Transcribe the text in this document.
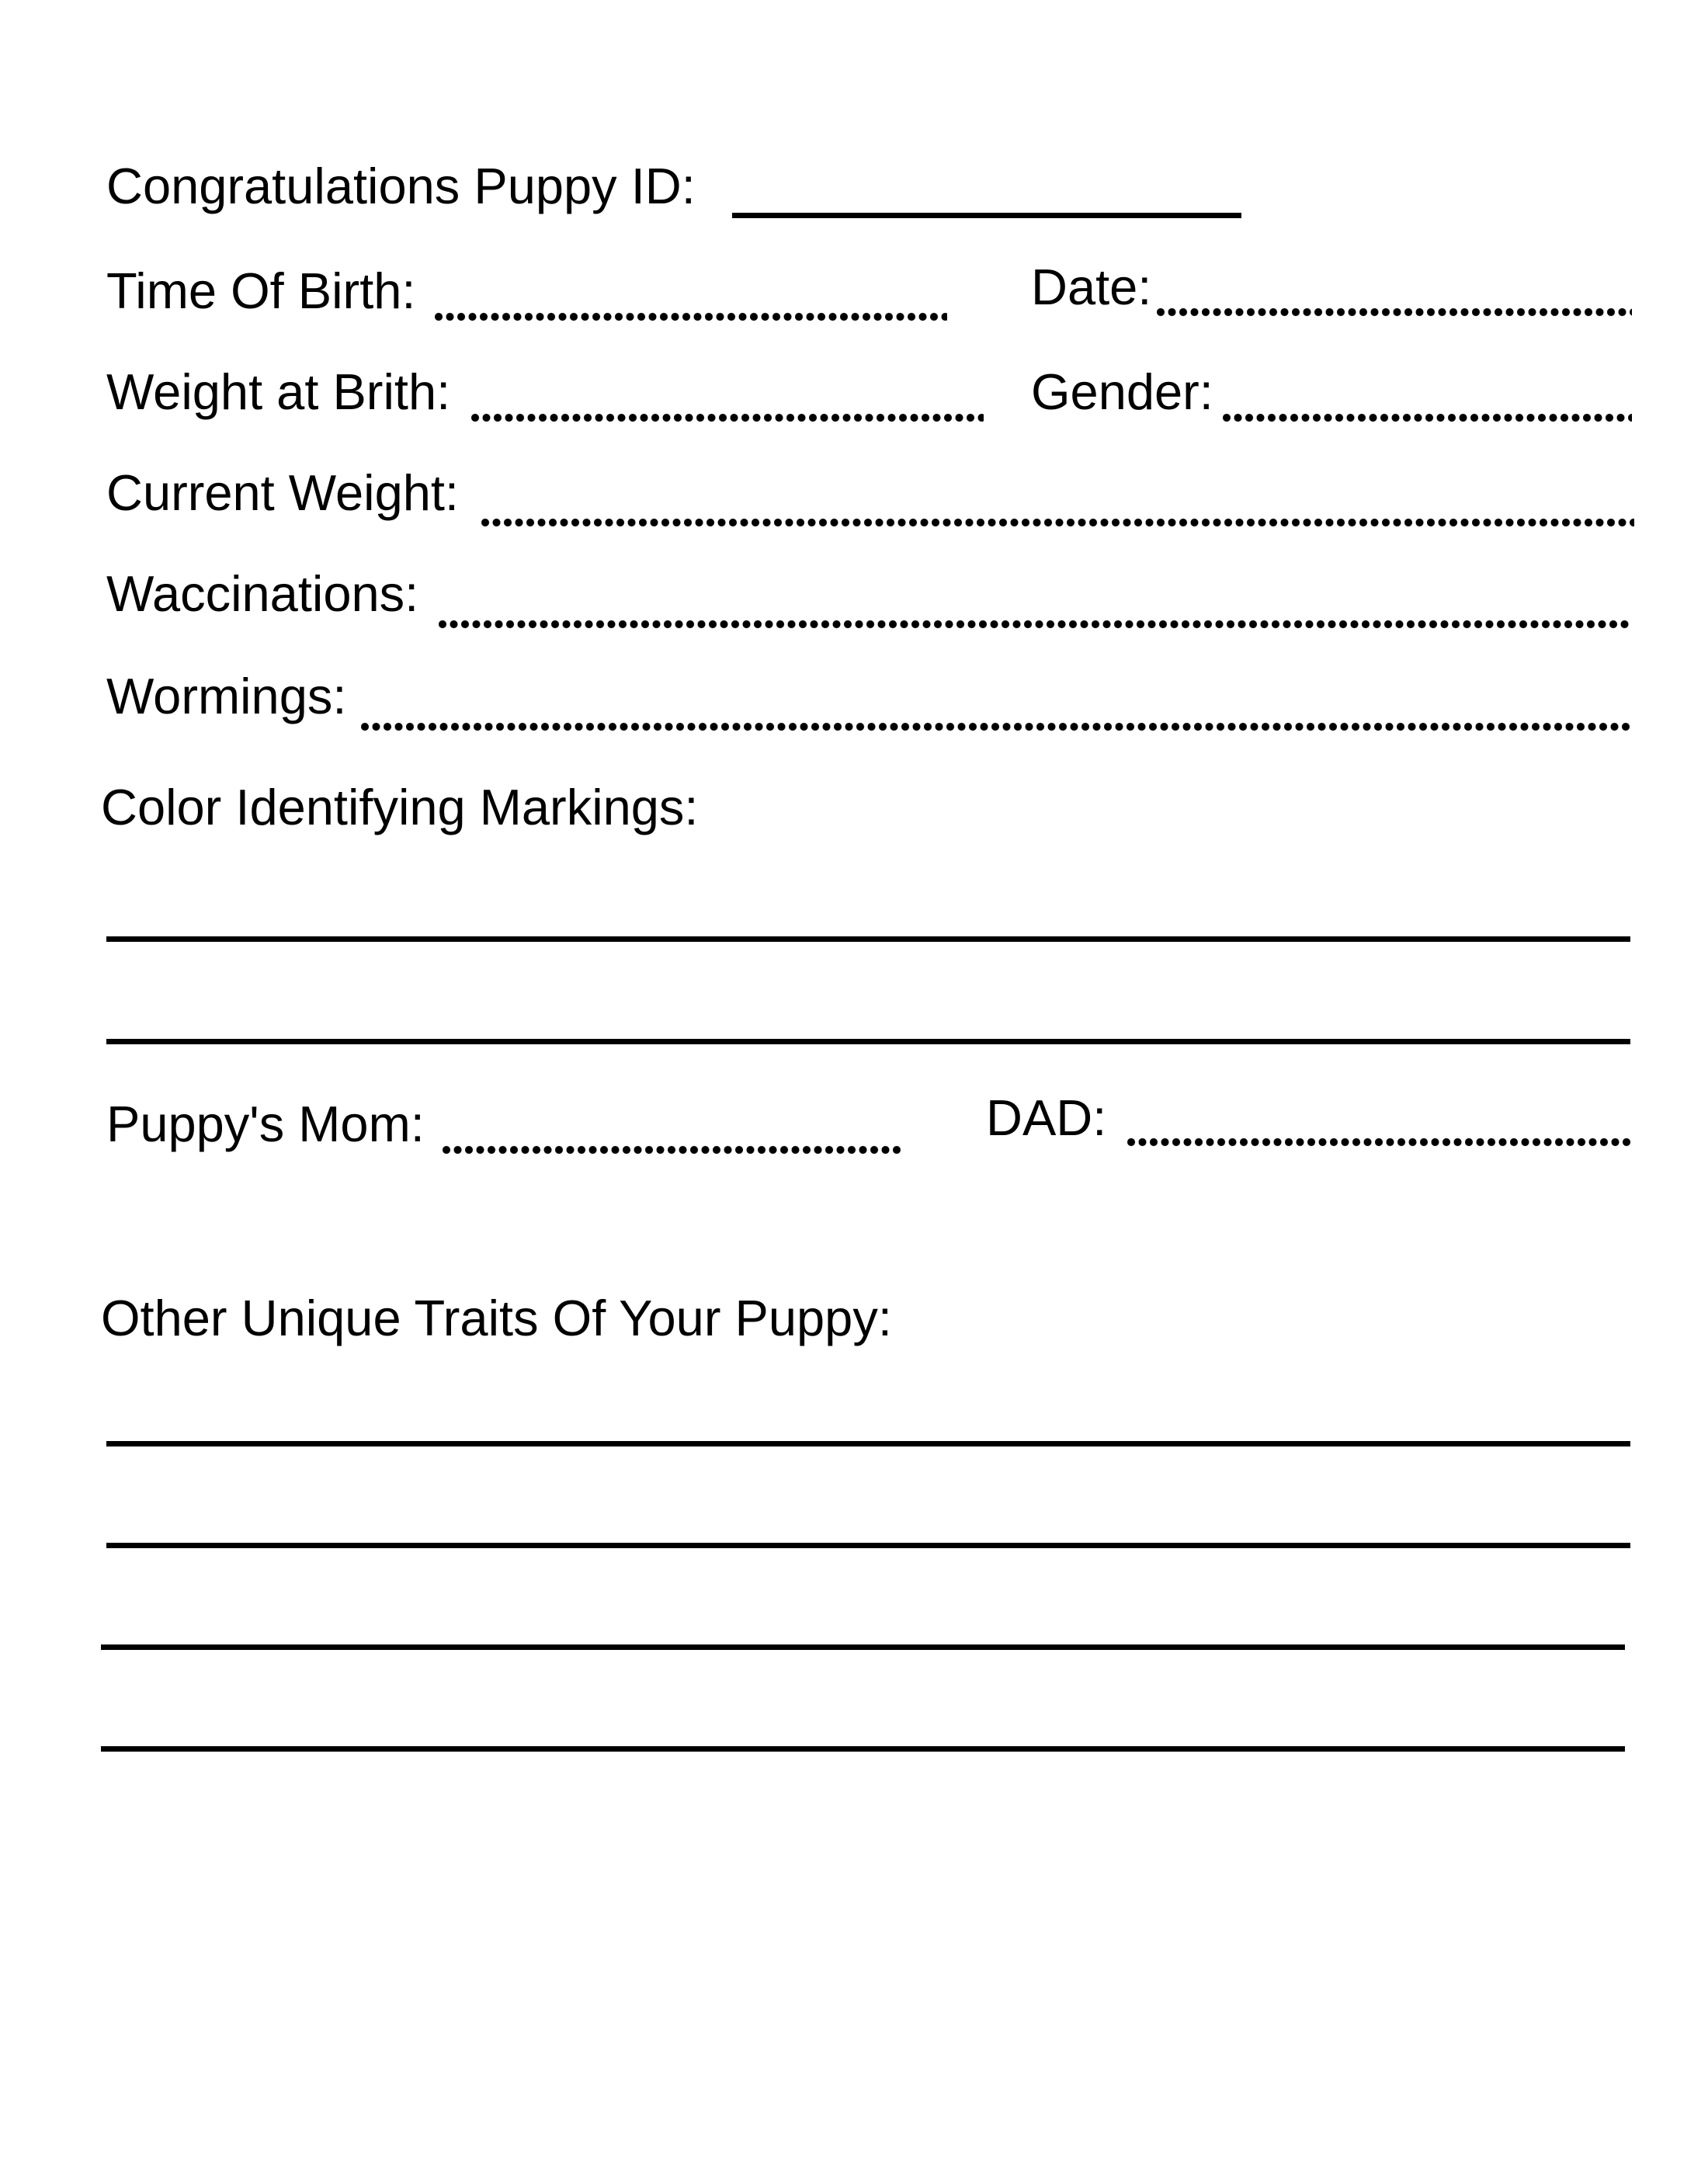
Congratulations Puppy ID:
Time Of Birth:	Date:
Weight at Brith:	Gender:
Current Weight:
Waccinations:
Wormings:
Color Identifying Markings:
Puppy's Mom:	DAD:
Other Unique Traits Of Your Puppy:
